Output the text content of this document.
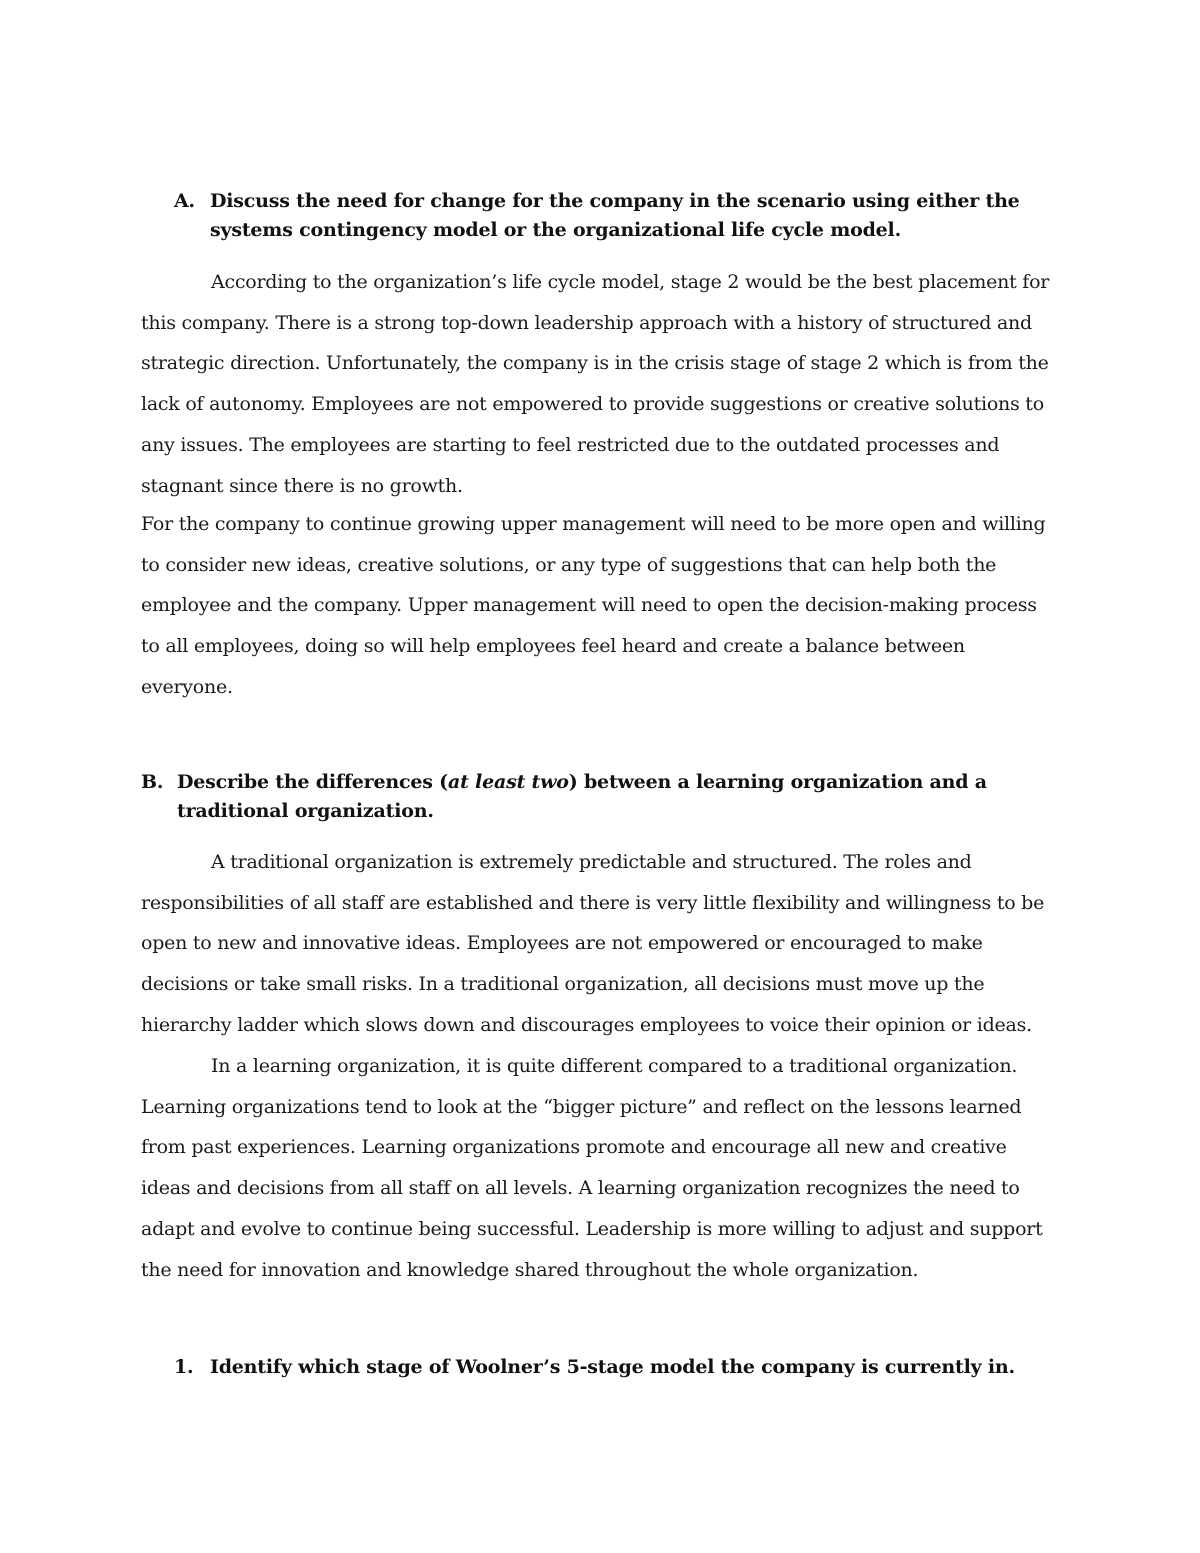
A. Discuss the need for change for the company in the scenario using either the systems contingency model or the organizational life cycle model.
According to the organization’s life cycle model, stage 2 would be the best placement for this company. There is a strong top-down leadership approach with a history of structured and strategic direction. Unfortunately, the company is in the crisis stage of stage 2 which is from the lack of autonomy. Employees are not empowered to provide suggestions or creative solutions to any issues. The employees are starting to feel restricted due to the outdated processes and stagnant since there is no growth.
For the company to continue growing upper management will need to be more open and willing to consider new ideas, creative solutions, or any type of suggestions that can help both the employee and the company. Upper management will need to open the decision-making process to all employees, doing so will help employees feel heard and create a balance between everyone.
B. Describe the differences (at least two) between a learning organization and a traditional organization.
A traditional organization is extremely predictable and structured. The roles and responsibilities of all staff are established and there is very little flexibility and willingness to be open to new and innovative ideas. Employees are not empowered or encouraged to make decisions or take small risks. In a traditional organization, all decisions must move up the hierarchy ladder which slows down and discourages employees to voice their opinion or ideas.
In a learning organization, it is quite different compared to a traditional organization. Learning organizations tend to look at the “bigger picture” and reflect on the lessons learned from past experiences. Learning organizations promote and encourage all new and creative ideas and decisions from all staff on all levels. A learning organization recognizes the need to adapt and evolve to continue being successful. Leadership is more willing to adjust and support the need for innovation and knowledge shared throughout the whole organization.
1. Identify which stage of Woolner’s 5-stage model the company is currently in.
